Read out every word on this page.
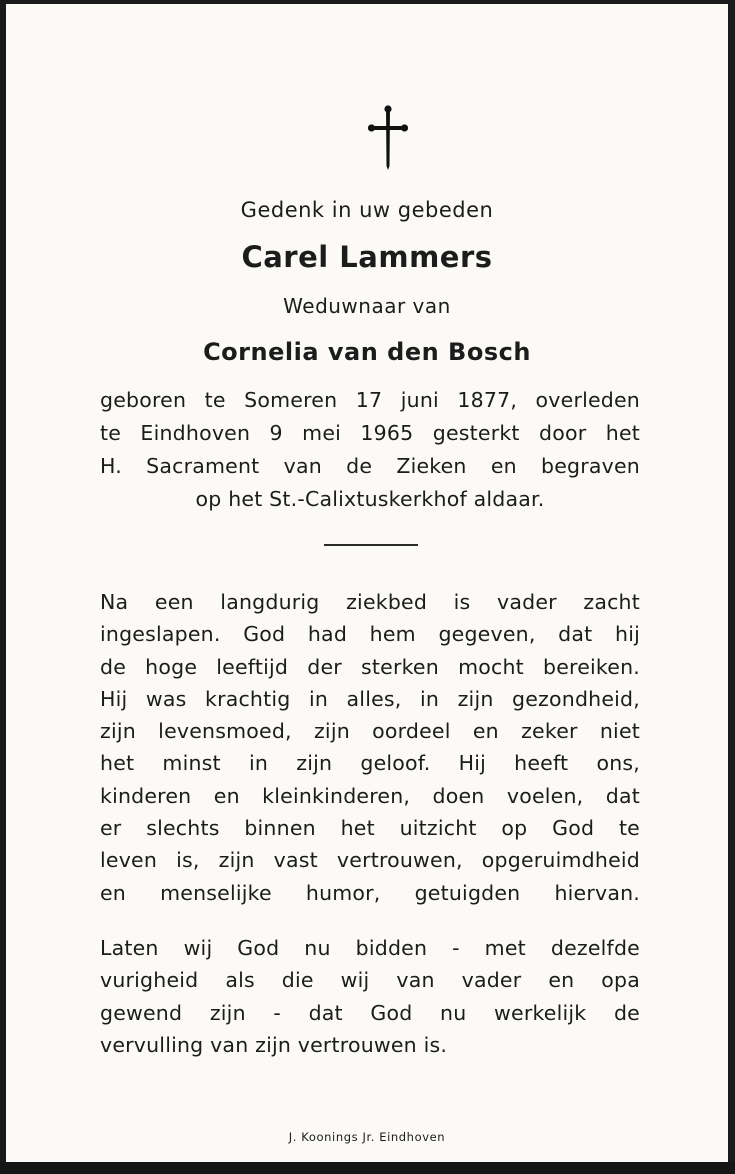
Gedenk in uw gebeden
Carel Lammers
Weduwnaar van
Cornelia van den Bosch
geboren te Someren 17 juni 1877, overleden
te Eindhoven 9 mei 1965 gesterkt door het
H. Sacrament van de Zieken en begraven
op het St.-Calixtuskerkhof aldaar.
Na een langdurig ziekbed is vader zacht
ingeslapen. God had hem gegeven, dat hij
de hoge leeftijd der sterken mocht bereiken.
Hij was krachtig in alles, in zijn gezondheid,
zijn levensmoed, zijn oordeel en zeker niet
het minst in zijn geloof. Hij heeft ons,
kinderen en kleinkinderen, doen voelen, dat
er slechts binnen het uitzicht op God te
leven is, zijn vast vertrouwen, opgeruimdheid
en menselijke humor, getuigden hiervan.
Laten wij God nu bidden - met dezelfde
vurigheid als die wij van vader en opa
gewend zijn - dat God nu werkelijk de
vervulling van zijn vertrouwen is.
J. Koonings Jr. Eindhoven
